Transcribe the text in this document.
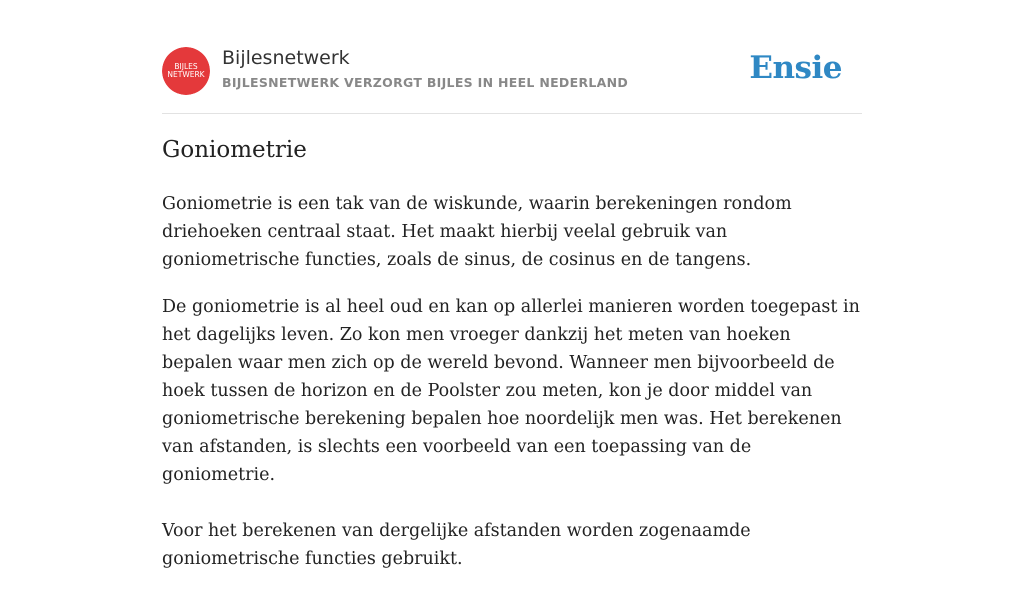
BIJLES
NETWERK
Bijlesnetwerk
BIJLESNETWERK VERZORGT BIJLES IN HEEL NEDERLAND	Ensie
Goniometrie

Goniometrie is een tak van de wiskunde, waarin berekeningen rondom driehoeken centraal staat. Het maakt hierbij veelal gebruik van goniometrische functies, zoals de sinus, de cosinus en de tangens.

De goniometrie is al heel oud en kan op allerlei manieren worden toegepast in het dagelijks leven. Zo kon men vroeger dankzij het meten van hoeken bepalen waar men zich op de wereld bevond. Wanneer men bijvoorbeeld de hoek tussen de horizon en de Poolster zou meten, kon je door middel van goniometrische berekening bepalen hoe noordelijk men was. Het berekenen van afstanden, is slechts een voorbeeld van een toepassing van de goniometrie.

Voor het berekenen van dergelijke afstanden worden zogenaamde goniometrische functies gebruikt.
